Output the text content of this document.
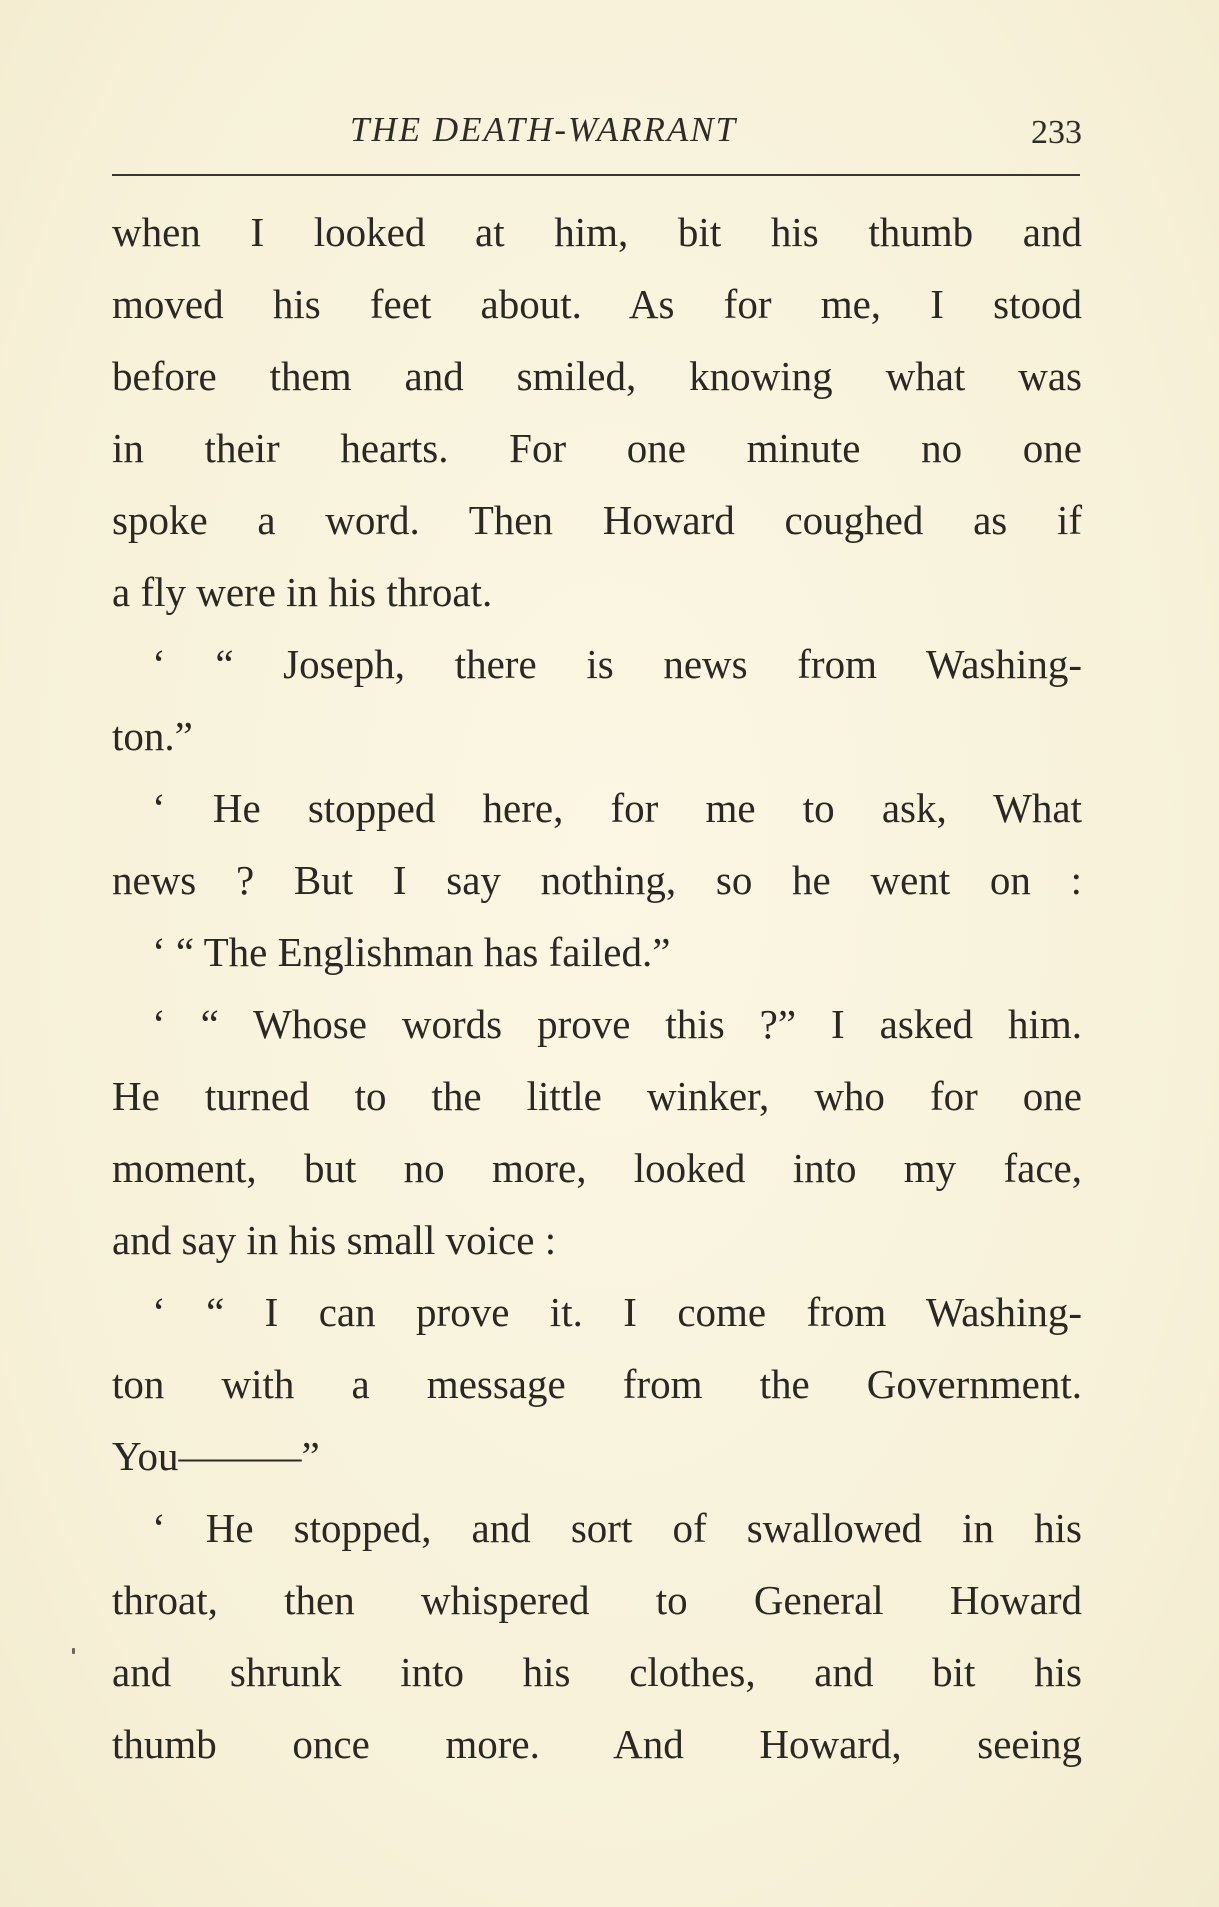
THE DEATH-WARRANT	233
when I looked at him, bit his thumb and
moved his feet about. As for me, I stood
before them and smiled, knowing what was
in their hearts. For one minute no one
spoke a word. Then Howard coughed as if
a fly were in his throat.
‘ “ Joseph, there is news from Washing-
ton.”
‘ He stopped here, for me to ask, What
news ? But I say nothing, so he went on :
‘ “ The Englishman has failed.”
‘ “ Whose words prove this ?” I asked him.
He turned to the little winker, who for one
moment, but no more, looked into my face,
and say in his small voice :
‘ “ I can prove it. I come from Washing-
ton with a message from the Government.
You———”
‘ He stopped, and sort of swallowed in his
throat, then whispered to General Howard
and shrunk into his clothes, and bit his
thumb once more. And Howard, seeing
